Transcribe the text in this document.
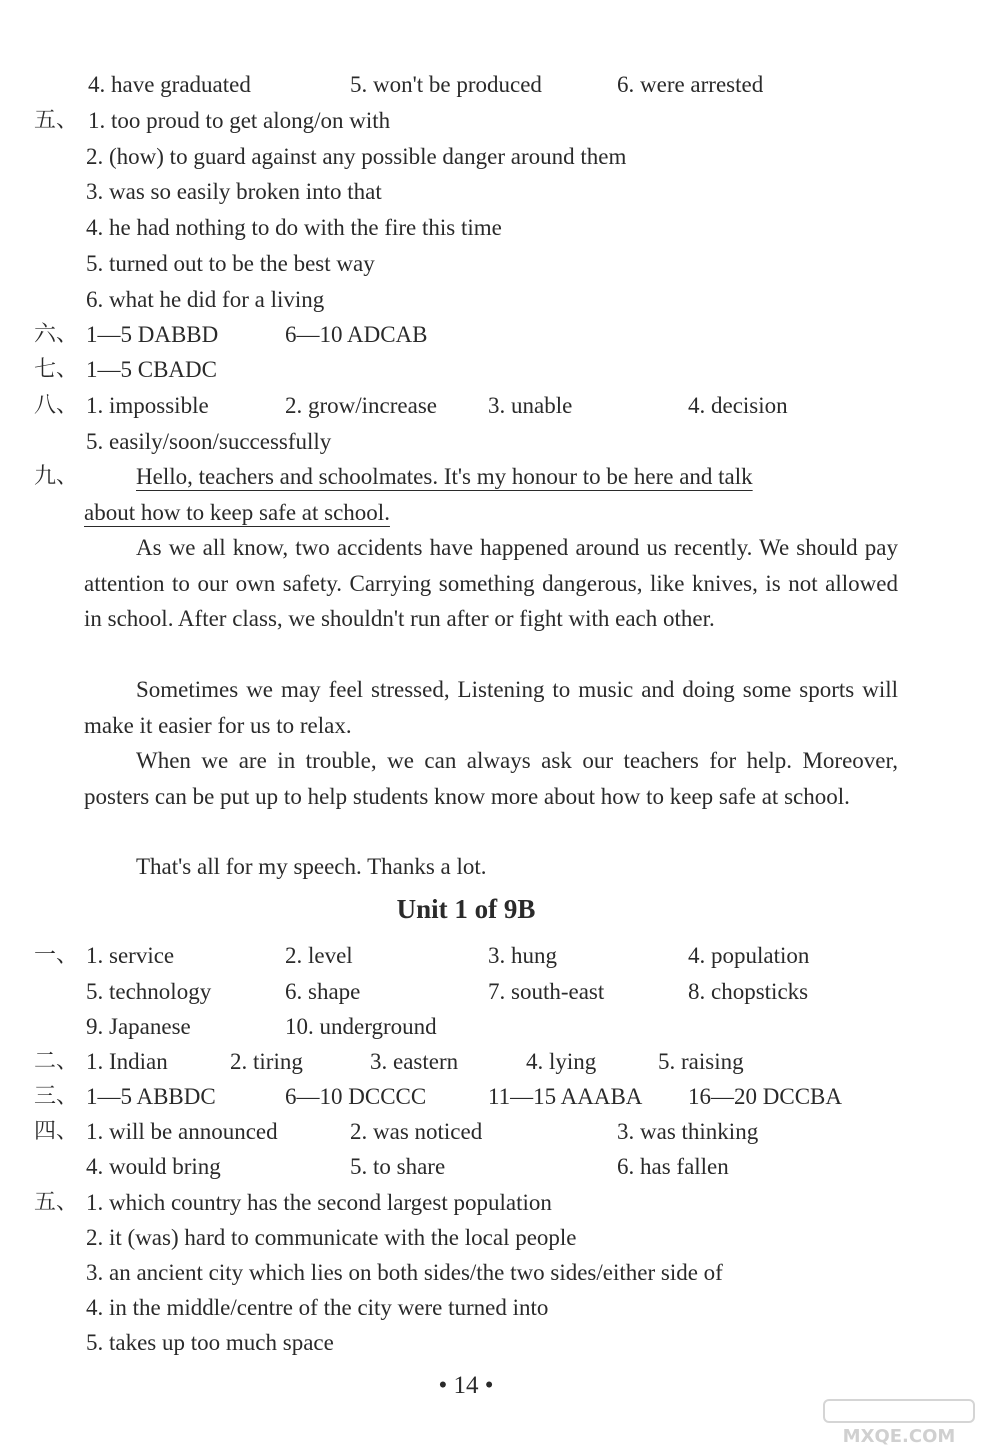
4. have graduated	5. won't be produced	6. were arrested
五、 1. too proud to get along/on with
2. (how) to guard against any possible danger around them
3. was so easily broken into that
4. he had nothing to do with the fire this time
5. turned out to be the best way
6. what he did for a living
六、 1—5 DABBD	6—10 ADCAB
七、 1—5 CBADC
八、 1. impossible	2. grow/increase 3. unable	4. decision
5. easily/soon/successfully
九、	Hello, teachers and schoolmates. It's my honour to be here and talk
about how to keep safe at school.
As we all know, two accidents have happened around us recently. We should pay attention to our own safety. Carrying something dangerous, like knives, is not allowed in school. After class, we shouldn't run after or fight with each other.
Sometimes we may feel stressed, Listening to music and doing some sports will make it easier for us to relax.
When we are in trouble, we can always ask our teachers for help. Moreover, posters can be put up to help students know more about how to keep safe at school.
That's all for my speech. Thanks a lot.
Unit 1 of 9B
一、 1. service	2. level	3. hung	4. population
5. technology	6. shape	7. south-east	8. chopsticks
9. Japanese	10. underground
二、 1. Indian	2. tiring	3. eastern	4. lying	5. raising
三、 1—5 ABBDC	6—10 DCCCC	11—15 AAABA 16—20 DCCBA
四、 1. will be announced	2. was noticed	3. was thinking
4. would bring	5. to share	6. has fallen
五、 1. which country has the second largest population
2. it (was) hard to communicate with the local people
3. an ancient city which lies on both sides/the two sides/either side of
4. in the middle/centre of the city were turned into
5. takes up too much space
• 14 •
MXQE.COM
